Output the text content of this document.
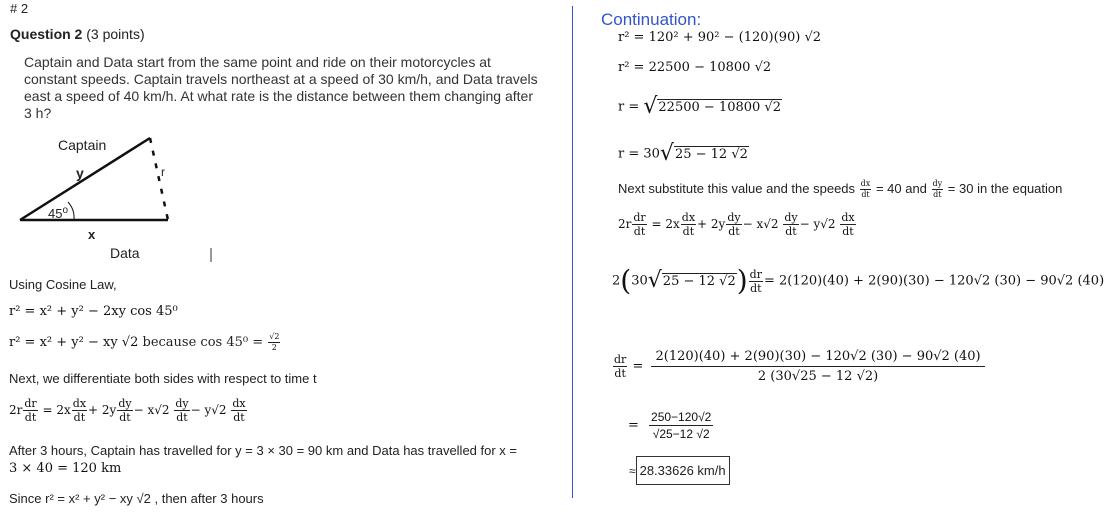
# 2
Question 2 (3 points)
Captain and Data start from the same point and ride on their motorcycles at
constant speeds. Captain travels northeast at a speed of 30 km/h, and Data travels
east a speed of 40 km/h. At what rate is the distance between them changing after
3 h?
Captain
y	r
45$^o$
x
Data
Using Cosine Law,
r² = x² + y² − 2xy cos 45⁰
r² = x² + y² − xy √2 because $\cos 45^0 = \frac{√2}{2}$
Next, we differentiate both sides with respect to time t
$2r \frac{dr}{dt} = 2x \frac{dx}{dt} + 2y \frac{dy}{dt} - x√2 \frac{dy}{dt} - y√2 \frac{dx}{dt}$
After 3 hours, Captain has travelled for y = 3 × 30 = 90 km and Data has travelled for x =
3 × 40 = 120 km
Since r² = x² + y² − xy √2 , then after 3 hours
Continuation:
r² = 120² + 90² − (120)(90) √2
r² = 22500 − 10800 √2
r = √22500 − 10800 √2
r = 30√25 − 12 √2
Next substitute this value and the speeds $\frac{dx}{dt} = 40$ and $\frac{dy}{dt} = 30$ in the equation
$2r \frac{dr}{dt} = 2x \frac{dx}{dt} + 2y \frac{dy}{dt} - x√2 \frac{dy}{dt} - y√2 \frac{dx}{dt}$
2(30√25 − 12 $√2) \frac{dr}{dt} = 2(120)(40) + 2(90)(30) - 120√2$ (30) − 90√2 (40)
$\frac{dr}{dt} = \frac{2(120)(40) + 2(90)(30) - 120√2 (30) - 90√2 (40)}{2 (30√25 - 12 √2)}$
= $\frac{250-120√2}{√25-12 √2}$
≈ 28.33626 km/h
